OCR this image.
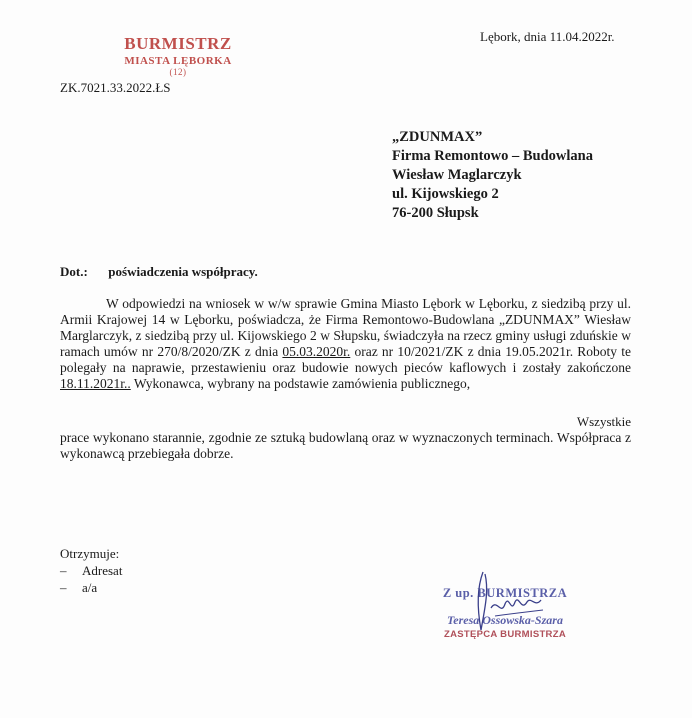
BURMISTRZ
MIASTA LĘBORKA
(12)
ZK.7021.33.2022.ŁS
Lębork, dnia 11.04.2022r.
„ZDUNMAX”
Firma Remontowo – Budowlana
Wiesław Maglarczyk
ul. Kijowskiego 2
76-200 Słupsk
Dot.: poświadczenia współpracy.
W odpowiedzi na wniosek w w/w sprawie Gmina Miasto Lębork w Lęborku, z siedzibą przy ul. Armii Krajowej 14 w Lęborku, poświadcza, że Firma Remontowo-Budowlana „ZDUNMAX” Wiesław Marglarczyk, z siedzibą przy ul. Kijowskiego 2 w Słupsku, świadczyła na rzecz gminy usługi zduńskie w ramach umów nr 270/8/2020/ZK z dnia 05.03.2020r. oraz nr 10/2021/ZK z dnia 19.05.2021r. Roboty te polegały na naprawie, przestawieniu oraz budowie nowych pieców kaflowych i zostały zakończone 18.11.2021r.. Wykonawca, wybrany na podstawie zamówienia publicznego,
Wszystkie
prace wykonano starannie, zgodnie ze sztuką budowlaną oraz w wyznaczonych terminach. Współpraca z wykonawcą przebiegała dobrze.
Otrzymuje:
– Adresat
– a/a	Z up. BURMISTRZA
Teresa Ossowska-Szara
ZASTĘPCA BURMISTRZA
